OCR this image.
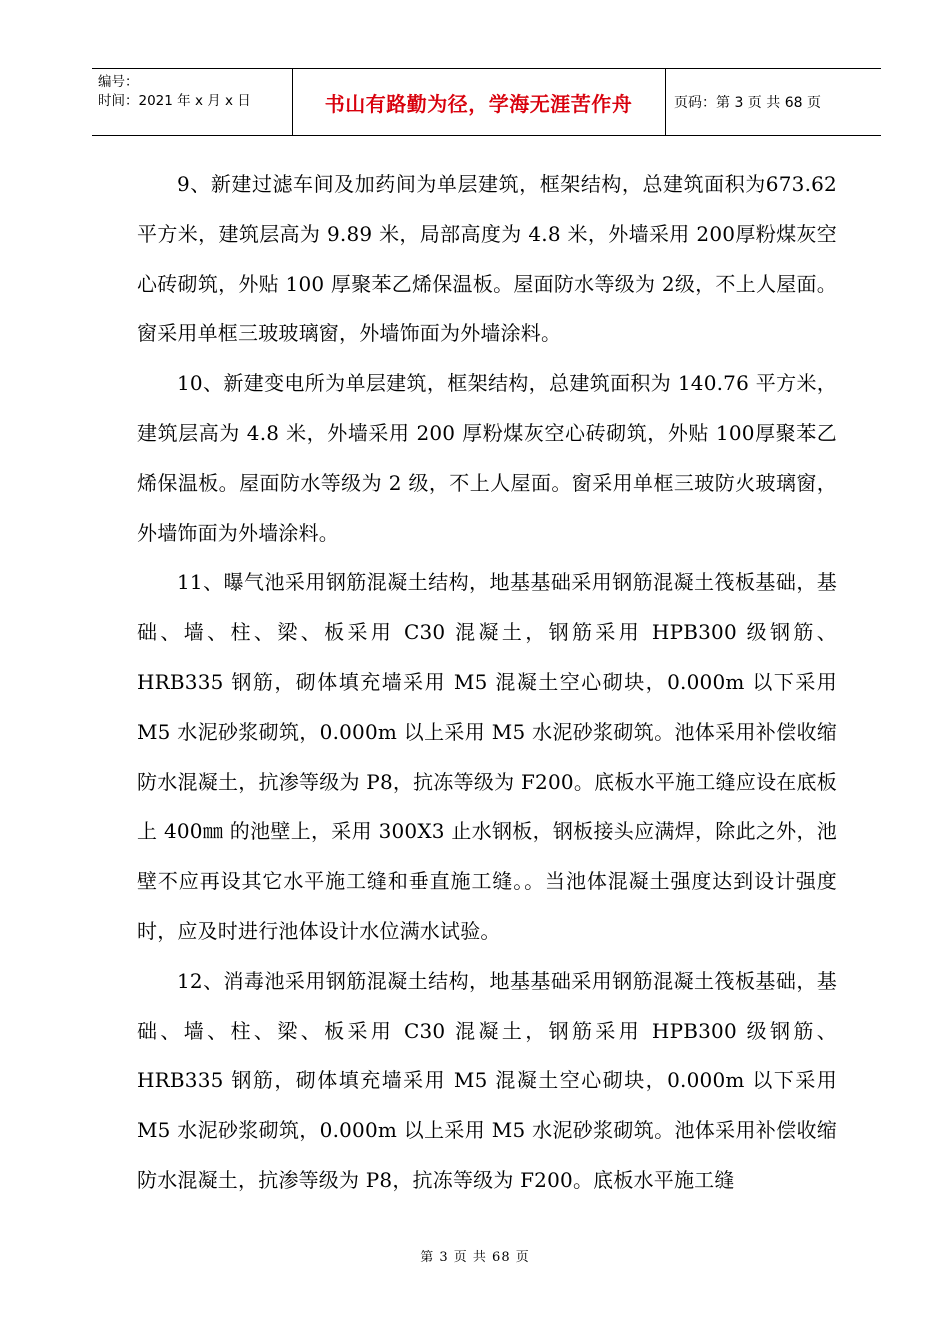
编号：
时间：2021 年 x 月 x 日	书山有路勤为径，学海无涯苦作舟	页码：第 3 页 共 68 页

9、新建过滤车间及加药间为单层建筑，框架结构，总建筑面积为673.62 平方米，建筑层高为 9.89 米，局部高度为 4.8 米，外墙采用 200厚粉煤灰空心砖砌筑，外贴 100 厚聚苯乙烯保温板。屋面防水等级为 2级，不上人屋面。窗采用单框三玻玻璃窗，外墙饰面为外墙涂料。

10、新建变电所为单层建筑，框架结构，总建筑面积为 140.76 平方米，建筑层高为 4.8 米，外墙采用 200 厚粉煤灰空心砖砌筑，外贴 100厚聚苯乙烯保温板。屋面防水等级为 2 级，不上人屋面。窗采用单框三玻防火玻璃窗，外墙饰面为外墙涂料。

11、曝气池采用钢筋混凝土结构，地基基础采用钢筋混凝土筏板基础，基础、墙、柱、梁、板采用 C30 混凝土，钢筋采用 HPB300 级钢筋、HRB335 钢筋，砌体填充墙采用 M5 混凝土空心砌块，0.000m 以下采用M5 水泥砂浆砌筑，0.000m 以上采用 M5 水泥砂浆砌筑。池体采用补偿收缩防水混凝土，抗渗等级为 P8，抗冻等级为 F200。底板水平施工缝应设在底板上 400㎜ 的池壁上，采用 300X3 止水钢板，钢板接头应满焊，除此之外，池壁不应再设其它水平施工缝和垂直施工缝。。当池体混凝土强度达到设计强度时，应及时进行池体设计水位满水试验。

12、消毒池采用钢筋混凝土结构，地基基础采用钢筋混凝土筏板基础，基础、墙、柱、梁、板采用 C30 混凝土，钢筋采用 HPB300 级钢筋、HRB335 钢筋，砌体填充墙采用 M5 混凝土空心砌块，0.000m 以下采用M5 水泥砂浆砌筑，0.000m 以上采用 M5 水泥砂浆砌筑。池体采用补偿收缩防水混凝土，抗渗等级为 P8，抗冻等级为 F200。底板水平施工缝

第 3 页 共 68 页
